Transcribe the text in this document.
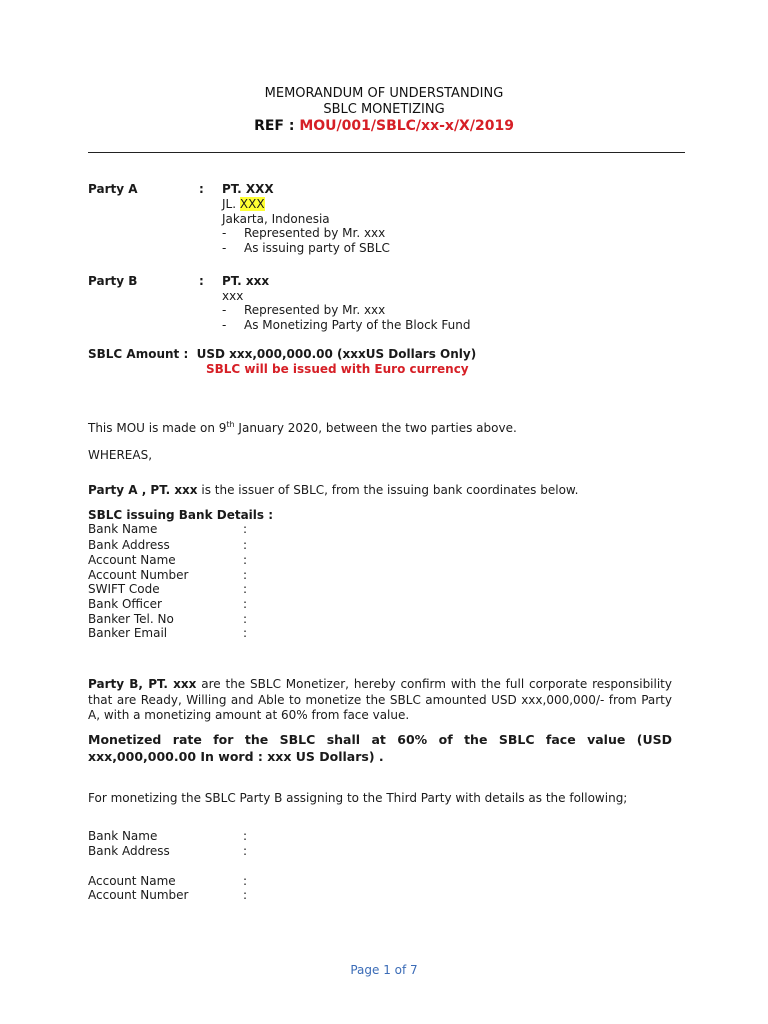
MEMORANDUM OF UNDERSTANDING
SBLC MONETIZING
REF : MOU/001/SBLC/xx-x/X/2019
Party A	: PT. XXX
JL. XXX
Jakarta, Indonesia
- Represented by Mr. xxx
- As issuing party of SBLC
Party B	: PT. xxx
xxx
- Represented by Mr. xxx
- As Monetizing Party of the Block Fund
SBLC Amount :  USD xxx,000,000.00 (xxxUS Dollars Only)
SBLC will be issued with Euro currency
This MOU is made on 9th January 2020, between the two parties above.
WHEREAS,
Party A , PT. xxx is the issuer of SBLC, from the issuing bank coordinates below.
SBLC issuing Bank Details :
Bank Name	:
Bank Address	:
Account Name	:
Account Number	:
SWIFT Code	:
Bank Officer	:
Banker Tel. No	:
Banker Email	:
Party B, PT. xxx are the SBLC Monetizer, hereby confirm with the full corporate responsibility that are Ready, Willing and Able to monetize the SBLC amounted USD xxx,000,000/- from Party A, with a monetizing amount at 60% from face value.
Monetized rate for the SBLC shall at 60% of the SBLC face value (USD xxx,000,000.00 In word : xxx US Dollars) .
For monetizing the SBLC Party B assigning to the Third Party with details as the following;
Bank Name	:
Bank Address	:
Account Name	:
Account Number	:
Page 1 of 7
